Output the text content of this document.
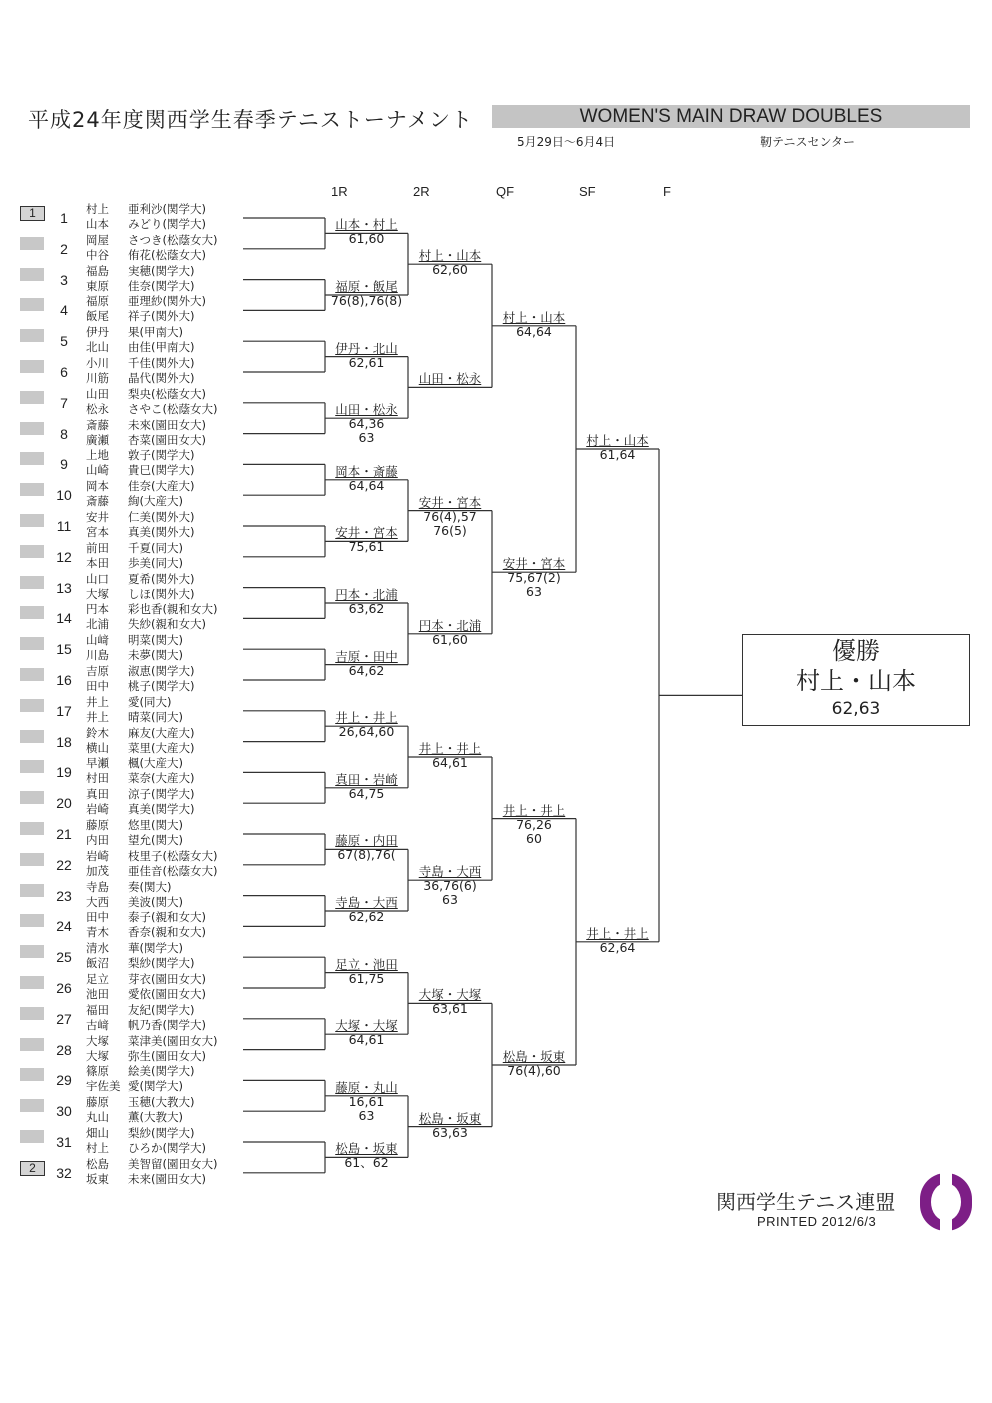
平成24年度関西学生春季テニストーナメント	WOMEN'S MAIN DRAW DOUBLES
5月29日～6月4日	靭テニスセンター
1R	2R	QF	SF	F
1	1
村上 亜利沙(関学大)
山本 みどり(関学大)
2
岡屋 さつき(松蔭女大)
中谷 侑花(松蔭女大)
3
福島 実穂(関学大)
東原 佳奈(関学大)
4
福原 亜理紗(関外大)
飯尾 祥子(関外大)
5
伊丹 果(甲南大)
北山 由佳(甲南大)
6
小川 千佳(関外大)
川筋 晶代(関外大)
7
山田 梨央(松蔭女大)
松永 さやこ(松蔭女大)
8
斎藤 未來(園田女大)
廣瀬 杏菜(園田女大)
9
上地 敦子(関学大)
山崎 貴巳(関学大)
10
岡本 佳奈(大産大)
斎藤 絢(大産大)
11
安井 仁美(関外大)
宮本 真美(関外大)
12
前田 千夏(同大)
本田 歩美(同大)
13
山口 夏希(関外大)
大塚 しほ(関外大)
14
円本 彩也香(親和女大)
北浦 失紗(親和女大)
15
山﨑 明菜(関大)
川島 未夢(関大)
16
吉原 淑恵(関学大)
田中 桃子(関学大)
17
井上 愛(同大)
井上 晴菜(同大)
18
鈴木 麻友(大産大)
横山 菜里(大産大)
19
早瀬 楓(大産大)
村田 菜奈(大産大)
20
真田 涼子(関学大)
岩崎 真美(関学大)
21
藤原 悠里(関大)
内田 望允(関大)
22
岩崎 枝里子(松蔭女大)
加茂 亜佳音(松蔭女大)
23
寺島 奏(関大)
大西 美波(関大)
24
田中 泰子(親和女大)
青木 香奈(親和女大)
25
清水 華(関学大)
飯沼 梨紗(関学大)
26
足立 芽衣(園田女大)
池田 愛依(園田女大)
27
福田 友紀(関学大)
古﨑 帆乃香(関学大)
28
大塚 菜津美(園田女大)
大塚 弥生(園田女大)
29
篠原 絵美(関学大)
宇佐美 愛(関学大)
30
藤原 玉穂(大教大)
丸山 薫(大教大)
31
畑山 梨紗(関学大)
村上 ひろか(関学大)
2	32
松島 美智留(園田女大)
坂東 未来(園田女大)
山本・村上
61,60
福原・飯尾
76(8),76(8)
伊丹・北山
62,61
山田・松永
64,36
63
岡本・斎藤
64,64
安井・宮本
75,61
円本・北浦
63,62
吉原・田中
64,62
井上・井上
26,64,60
真田・岩崎
64,75
藤原・内田
67(8),76(
寺島・大西
62,62
足立・池田
61,75
大塚・大塚
64,61
藤原・丸山
16,61
63
松島・坂東
61、62
村上・山本
62,60
山田・松永
安井・宮本
76(4),57
76(5)
円本・北浦
61,60
井上・井上
64,61
寺島・大西
36,76(6)
63
大塚・大塚
63,61
松島・坂東
63,63
村上・山本
64,64
安井・宮本
75,67(2)
63
井上・井上
76,26
60
松島・坂東
76(4),60
村上・山本
61,64
井上・井上
62,64
優勝
村上・山本
62,63
関西学生テニス連盟
PRINTED 2012/6/3
